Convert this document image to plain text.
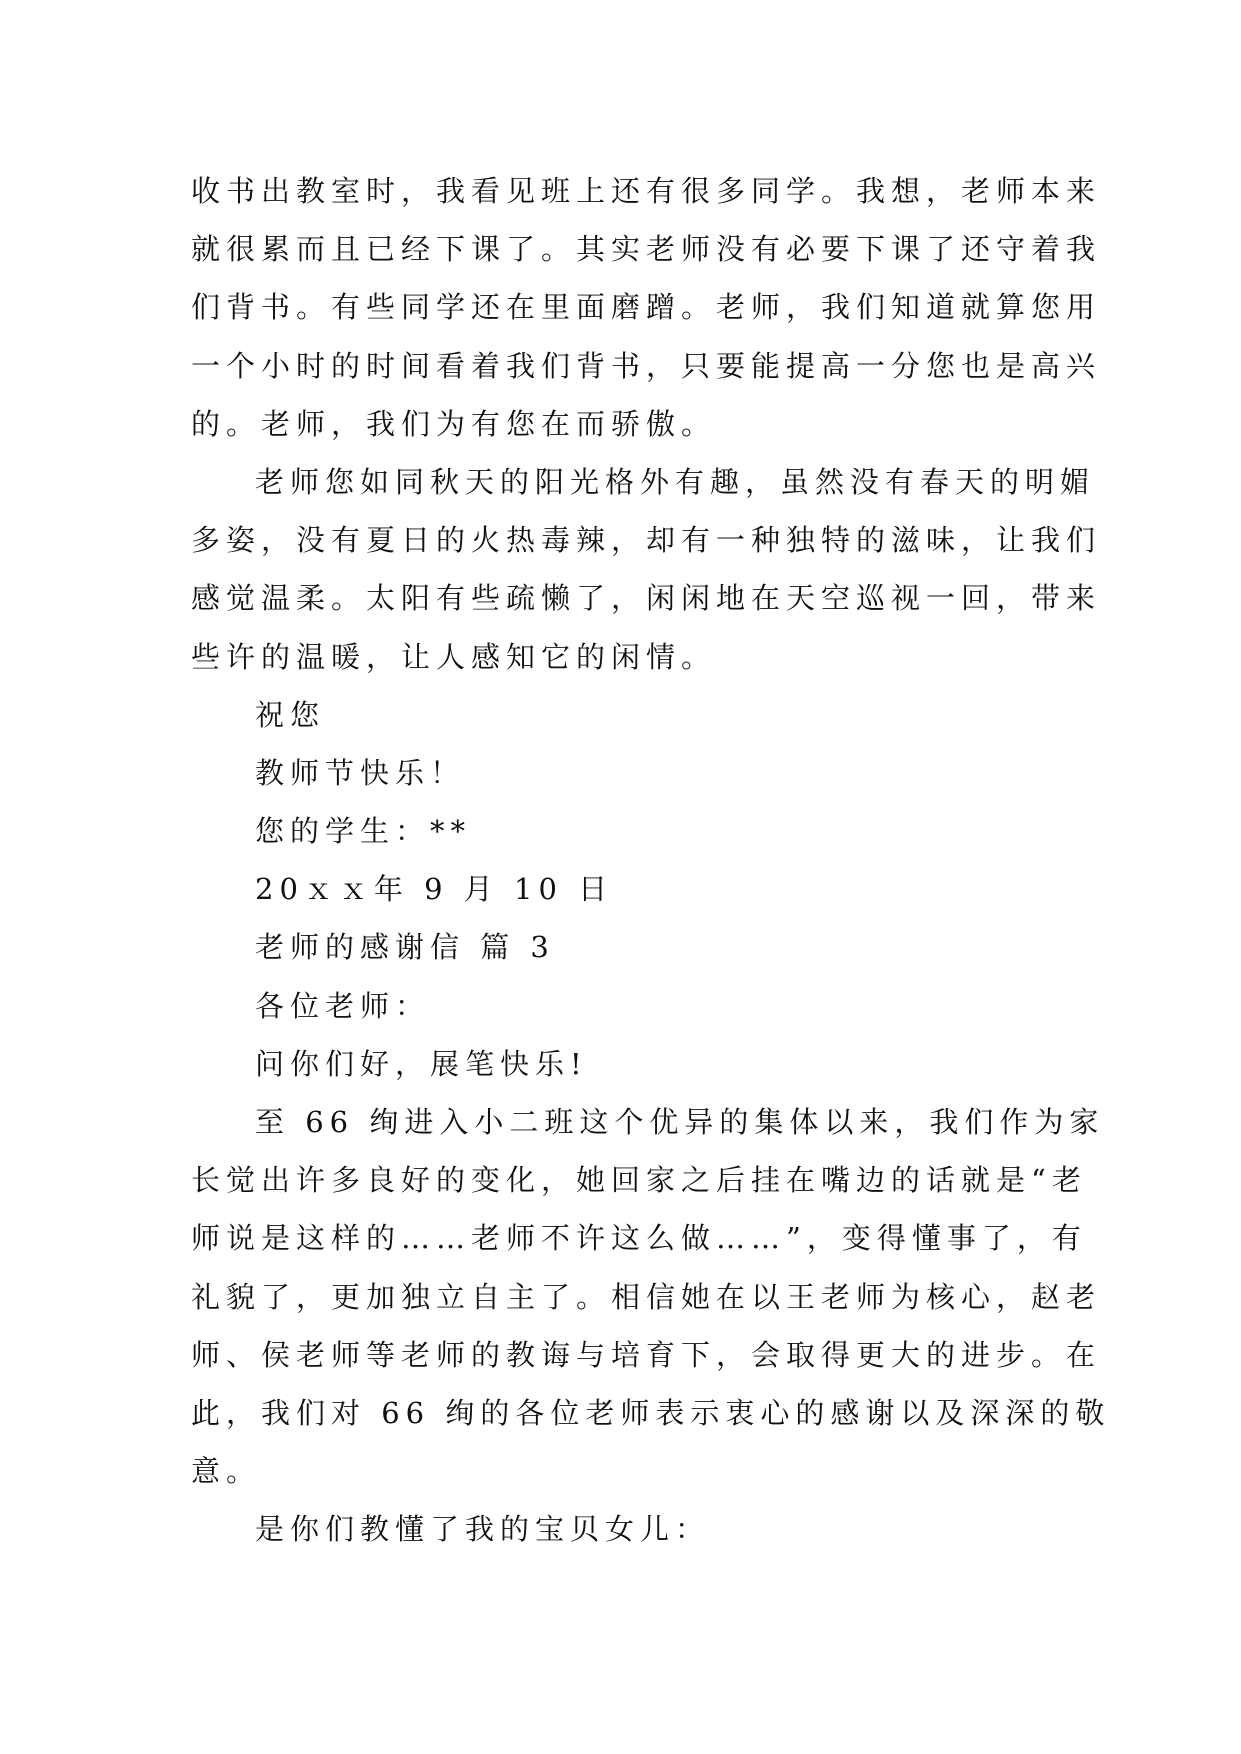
收书出教室时，我看见班上还有很多同学。我想，老师本来
就很累而且已经下课了。其实老师没有必要下课了还守着我
们背书。有些同学还在里面磨蹭。老师，我们知道就算您用
一个小时的时间看着我们背书，只要能提高一分您也是高兴
的。老师，我们为有您在而骄傲。
老师您如同秋天的阳光格外有趣，虽然没有春天的明媚
多姿，没有夏日的火热毒辣，却有一种独特的滋味，让我们
感觉温柔。太阳有些疏懒了，闲闲地在天空巡视一回，带来
些许的温暖，让人感知它的闲情。
祝您
教师节快乐！
您的学生：**
20ｘｘ年 9 月 10 日
老师的感谢信 篇 3
各位老师：
问你们好，展笔快乐!
至 66 绚进入小二班这个优异的集体以来，我们作为家
长觉出许多良好的变化，她回家之后挂在嘴边的话就是“老
师说是这样的……老师不许这么做……”，变得懂事了，有
礼貌了，更加独立自主了。相信她在以王老师为核心，赵老
师、侯老师等老师的教诲与培育下，会取得更大的进步。在
此，我们对 66 绚的各位老师表示衷心的感谢以及深深的敬
意。
是你们教懂了我的宝贝女儿：
